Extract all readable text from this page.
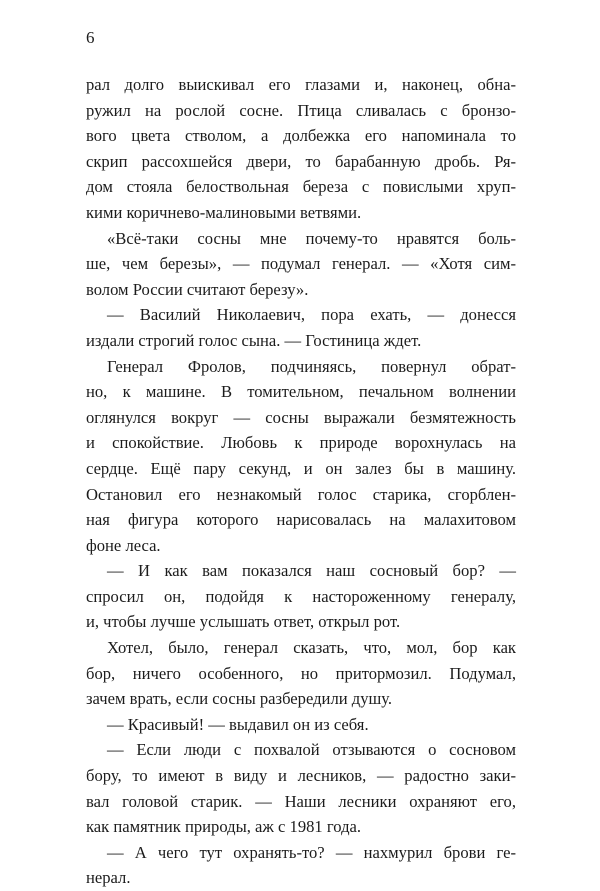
6
рал долго выискивал его глазами и, наконец, обна-
ружил на рослой сосне. Птица сливалась с бронзо-
вого цвета стволом, а долбежка его напоминала то
скрип рассохшейся двери, то барабанную дробь. Ря-
дом стояла белоствольная береза с повислыми хруп-
кими коричнево-малиновыми ветвями.
«Всё-таки сосны мне почему-то нравятся боль-
ше, чем березы», — подумал генерал. — «Хотя сим-
волом России считают березу».
— Василий Николаевич, пора ехать, — донесся
издали строгий голос сына. — Гостиница ждет.
Генерал Фролов, подчиняясь, повернул обрат-
но, к машине. В томительном, печальном волнении
оглянулся вокруг — сосны выражали безмятежность
и спокойствие. Любовь к природе ворохнулась на
сердце. Ещё пару секунд, и он залез бы в машину.
Остановил его незнакомый голос старика, сгорблен-
ная фигура которого нарисовалась на малахитовом
фоне леса.
— И как вам показался наш сосновый бор? —
спросил он, подойдя к настороженному генералу,
и, чтобы лучше услышать ответ, открыл рот.
Хотел, было, генерал сказать, что, мол, бор как
бор, ничего особенного, но притормозил. Подумал,
зачем врать, если сосны разбередили душу.
— Красивый! — выдавил он из себя.
— Если люди с похвалой отзываются о сосновом
бору, то имеют в виду и лесников, — радостно заки-
вал головой старик. — Наши лесники охраняют его,
как памятник природы, аж с 1981 года.
— А чего тут охранять-то? — нахмурил брови ге-
нерал.
